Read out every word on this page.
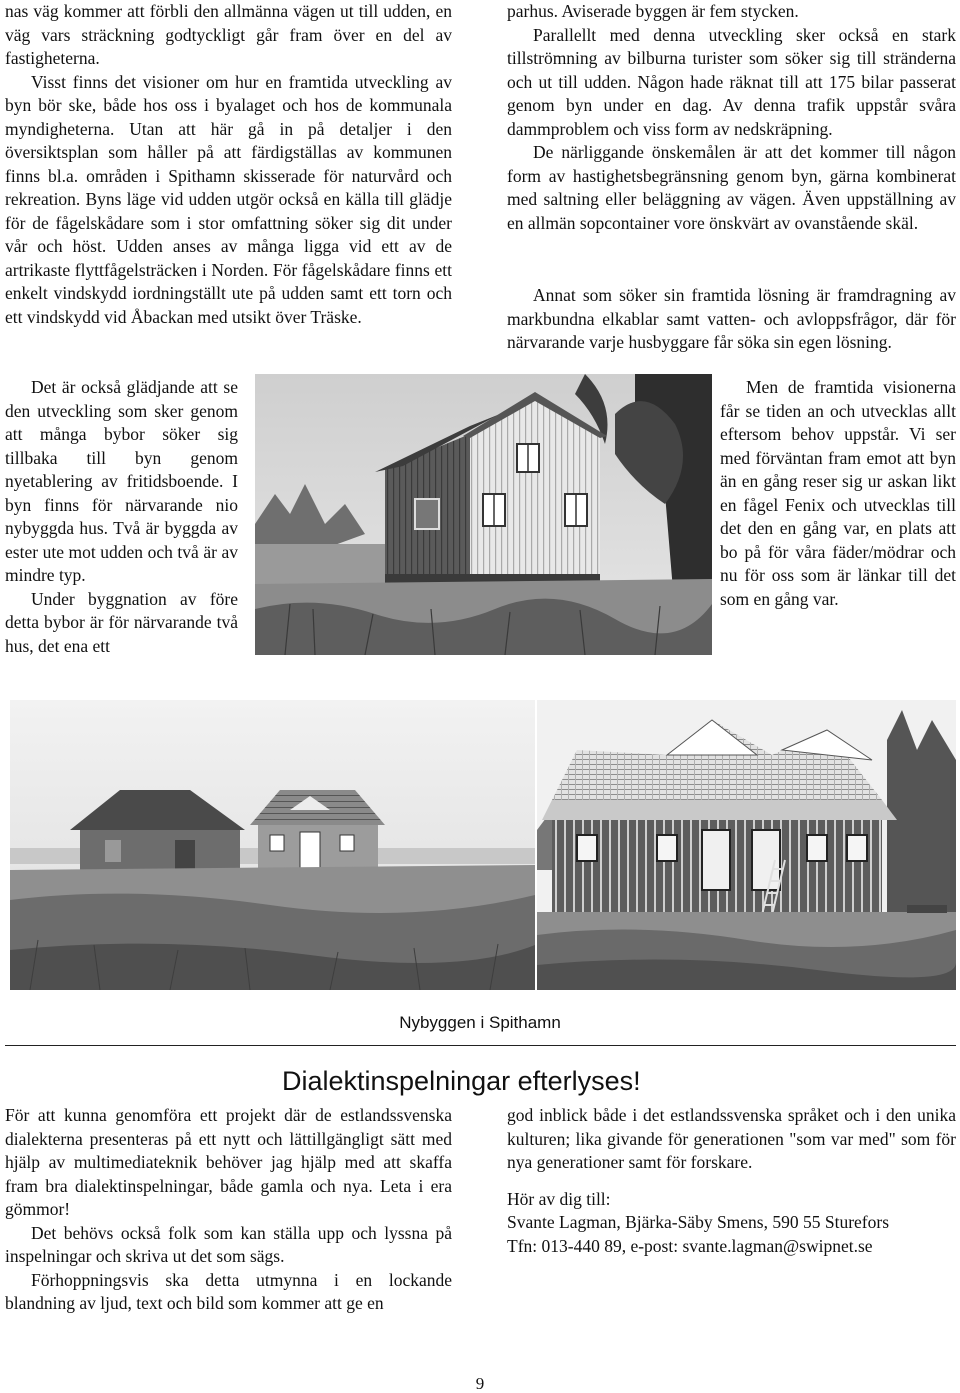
nas väg kommer att förbli den allmänna vägen ut till udden, en väg vars sträckning godtyckligt går fram över en del av fastigheterna.

Visst finns det visioner om hur en framtida utveckling av byn bör ske, både hos oss i byalaget och hos de kommunala myndigheterna. Utan att här gå in på detaljer i den översiktsplan som håller på att färdigställas av kommunen finns bl.a. områden i Spithamn skisserade för naturvård och rekreation. Byns läge vid udden utgör också en källa till glädje för de fågelskådare som i stor omfattning söker sig dit under vår och höst. Udden anses av många ligga vid ett av de artrikaste flyttfågelsträcken i Norden. För fågelskådare finns ett enkelt vindskydd iordningställt ute på udden samt ett torn och ett vindskydd vid Åbackan med utsikt över Träske.

Det är också glädjande att se den utveckling som sker genom att många bybor söker sig tillbaka till byn genom nyetablering av fritidsboende. I byn finns för närvarande nio nybyggda hus. Två är byggda av ester ute mot udden och två är av mindre typ.

Under byggnation av före detta bybor är för närvarande två hus, det ena ett

parhus. Aviserade byggen är fem stycken.

Parallellt med denna utveckling sker också en stark tillströmning av bilburna turister som söker sig till stränderna och ut till udden. Någon hade räknat till att 175 bilar passerat genom byn under en dag. Av denna trafik uppstår svåra dammproblem och viss form av nedskräpning.

De närliggande önskemålen är att det kommer till någon form av hastighetsbegränsning genom byn, gärna kombinerat med saltning eller beläggning av vägen. Även uppställning av en allmän sopcontainer vore önskvärt av ovanstående skäl.

Annat som söker sin framtida lösning är framdragning av markbundna elkablar samt vatten- och avloppsfrågor, där för närvarande varje husbyggare får söka sin egen lösning.

Men de framtida visionerna får se tiden an och utvecklas allt eftersom behov uppstår. Vi ser med förväntan fram emot att byn än en gång reser sig ur askan likt en fågel Fenix och utvecklas till det den en gång var, en plats att bo på för våra fäder/mödrar och nu för oss som är länkar till det som en gång var.

Nybyggen i Spithamn
Dialektinspelningar efterlyses!

För att kunna genomföra ett projekt där de estlandssvenska dialekterna presenteras på ett nytt och lättillgängligt sätt med hjälp av multimediateknik behöver jag hjälp med att skaffa fram bra dialektinspelningar, både gamla och nya. Leta i era gömmor!

Det behövs också folk som kan ställa upp och lyssna på inspelningar och skriva ut det som sägs.

Förhoppningsvis ska detta utmynna i en lockande blandning av ljud, text och bild som kommer att ge en

god inblick både i det estlandssvenska språket och i den unika kulturen; lika givande för generationen "som var med" som för nya generationer samt för forskare.

Hör av dig till:

Svante Lagman, Bjärka-Säby Smens, 590 55 Sturefors

Tfn: 013-440 89, e-post: svante.lagman@swipnet.se

9
